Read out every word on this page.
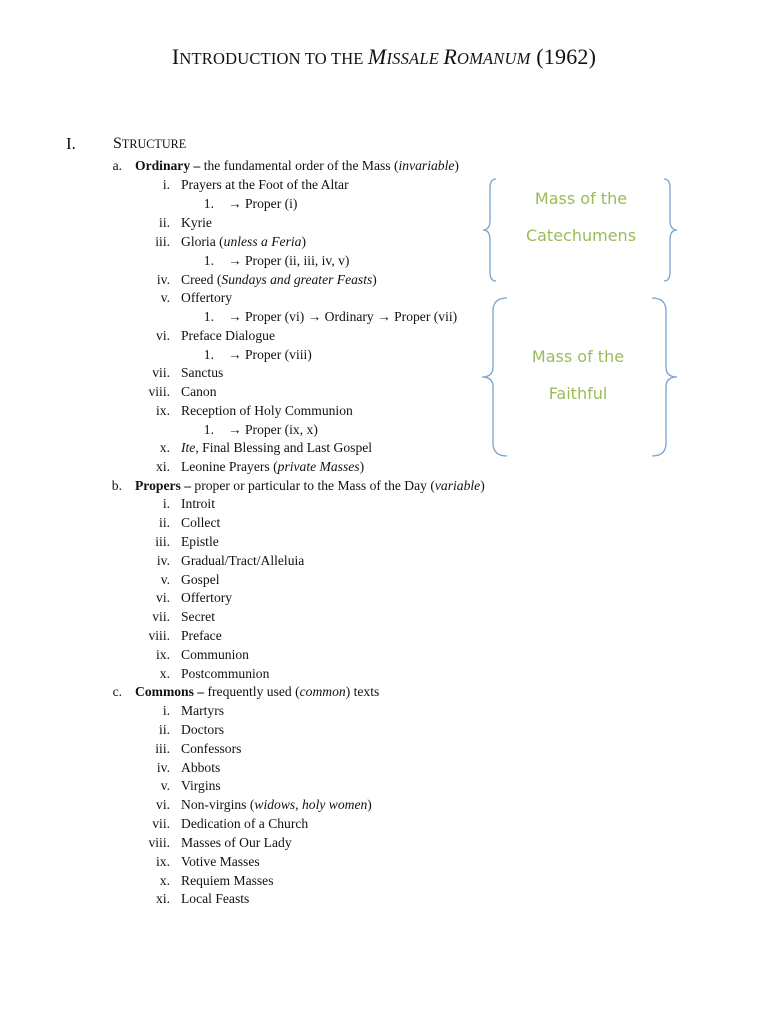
INTRODUCTION TO THE MISSALE ROMANUM (1962)
I. STRUCTURE
a. Ordinary – the fundamental order of the Mass (invariable)
i. Prayers at the Foot of the Altar
1. → Proper (i)
ii. Kyrie
iii. Gloria (unless a Feria)
1. → Proper (ii, iii, iv, v)
iv. Creed (Sundays and greater Feasts)
v. Offertory
1. → Proper (vi) → Ordinary → Proper (vii)
vi. Preface Dialogue
1. → Proper (viii)
vii. Sanctus
viii. Canon
ix. Reception of Holy Communion
1. → Proper (ix, x)
x. Ite, Final Blessing and Last Gospel
xi. Leonine Prayers (private Masses)
b. Propers – proper or particular to the Mass of the Day (variable)
i. Introit
ii. Collect
iii. Epistle
iv. Gradual/Tract/Alleluia
v. Gospel
vi. Offertory
vii. Secret
viii. Preface
ix. Communion
x. Postcommunion
c. Commons – frequently used (common) texts
i. Martyrs
ii. Doctors
iii. Confessors
iv. Abbots
v. Virgins
vi. Non-virgins (widows, holy women)
vii. Dedication of a Church
viii. Masses of Our Lady
ix. Votive Masses
x. Requiem Masses
xi. Local Feasts
Mass of the
Catechumens
Mass of the
Faithful
